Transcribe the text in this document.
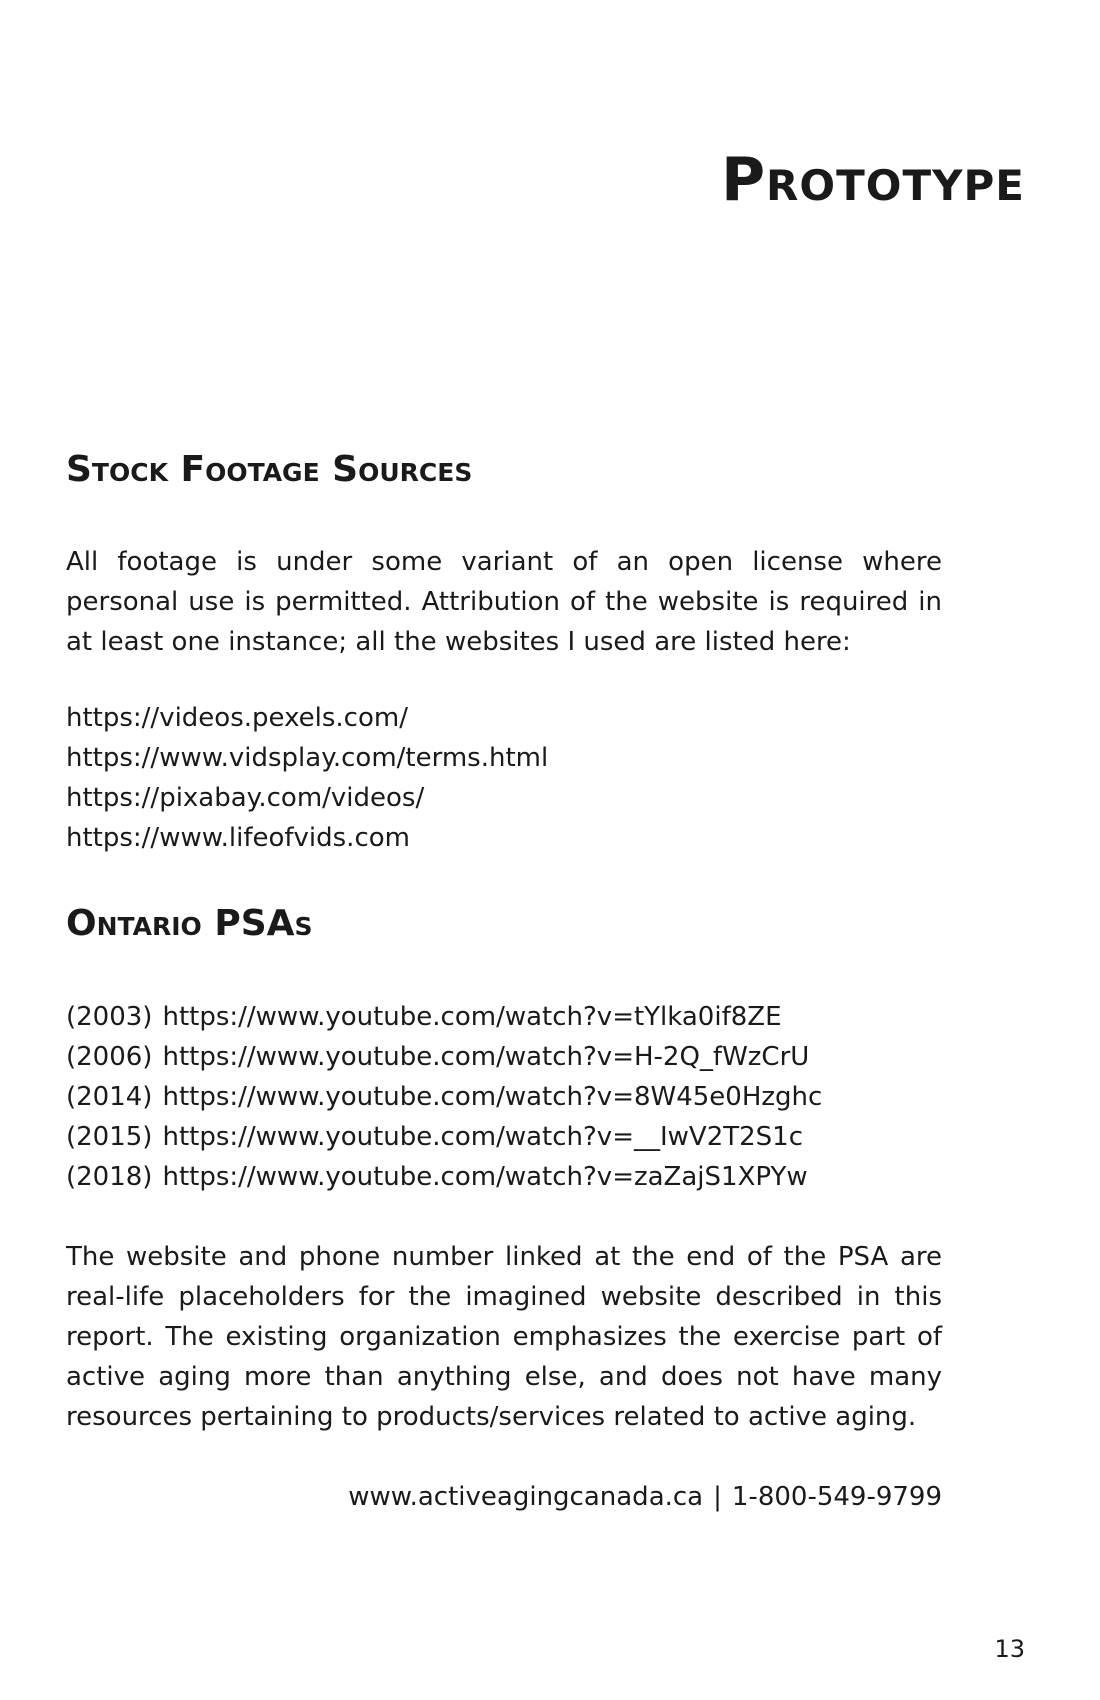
Prototype
Stock Footage Sources

All footage is under some variant of an open license where personal use is permitted. Attribution of the website is required in at least one instance; all the websites I used are listed here:

https://videos.pexels.com/
https://www.vidsplay.com/terms.html
https://pixabay.com/videos/
https://www.lifeofvids.com
Ontario PSAs
(2003) https://www.youtube.com/watch?v=tYlka0if8ZE
(2006) https://www.youtube.com/watch?v=H-2Q_fWzCrU
(2014) https://www.youtube.com/watch?v=8W45e0Hzghc
(2015) https://www.youtube.com/watch?v=__IwV2T2S1c
(2018) https://www.youtube.com/watch?v=zaZajS1XPYw

The website and phone number linked at the end of the PSA are real-life placeholders for the imagined website described in this report. The existing organization emphasizes the exercise part of active aging more than anything else, and does not have many resources pertaining to products/services related to active aging.

www.activeagingcanada.ca | 1-800-549-9799

13
